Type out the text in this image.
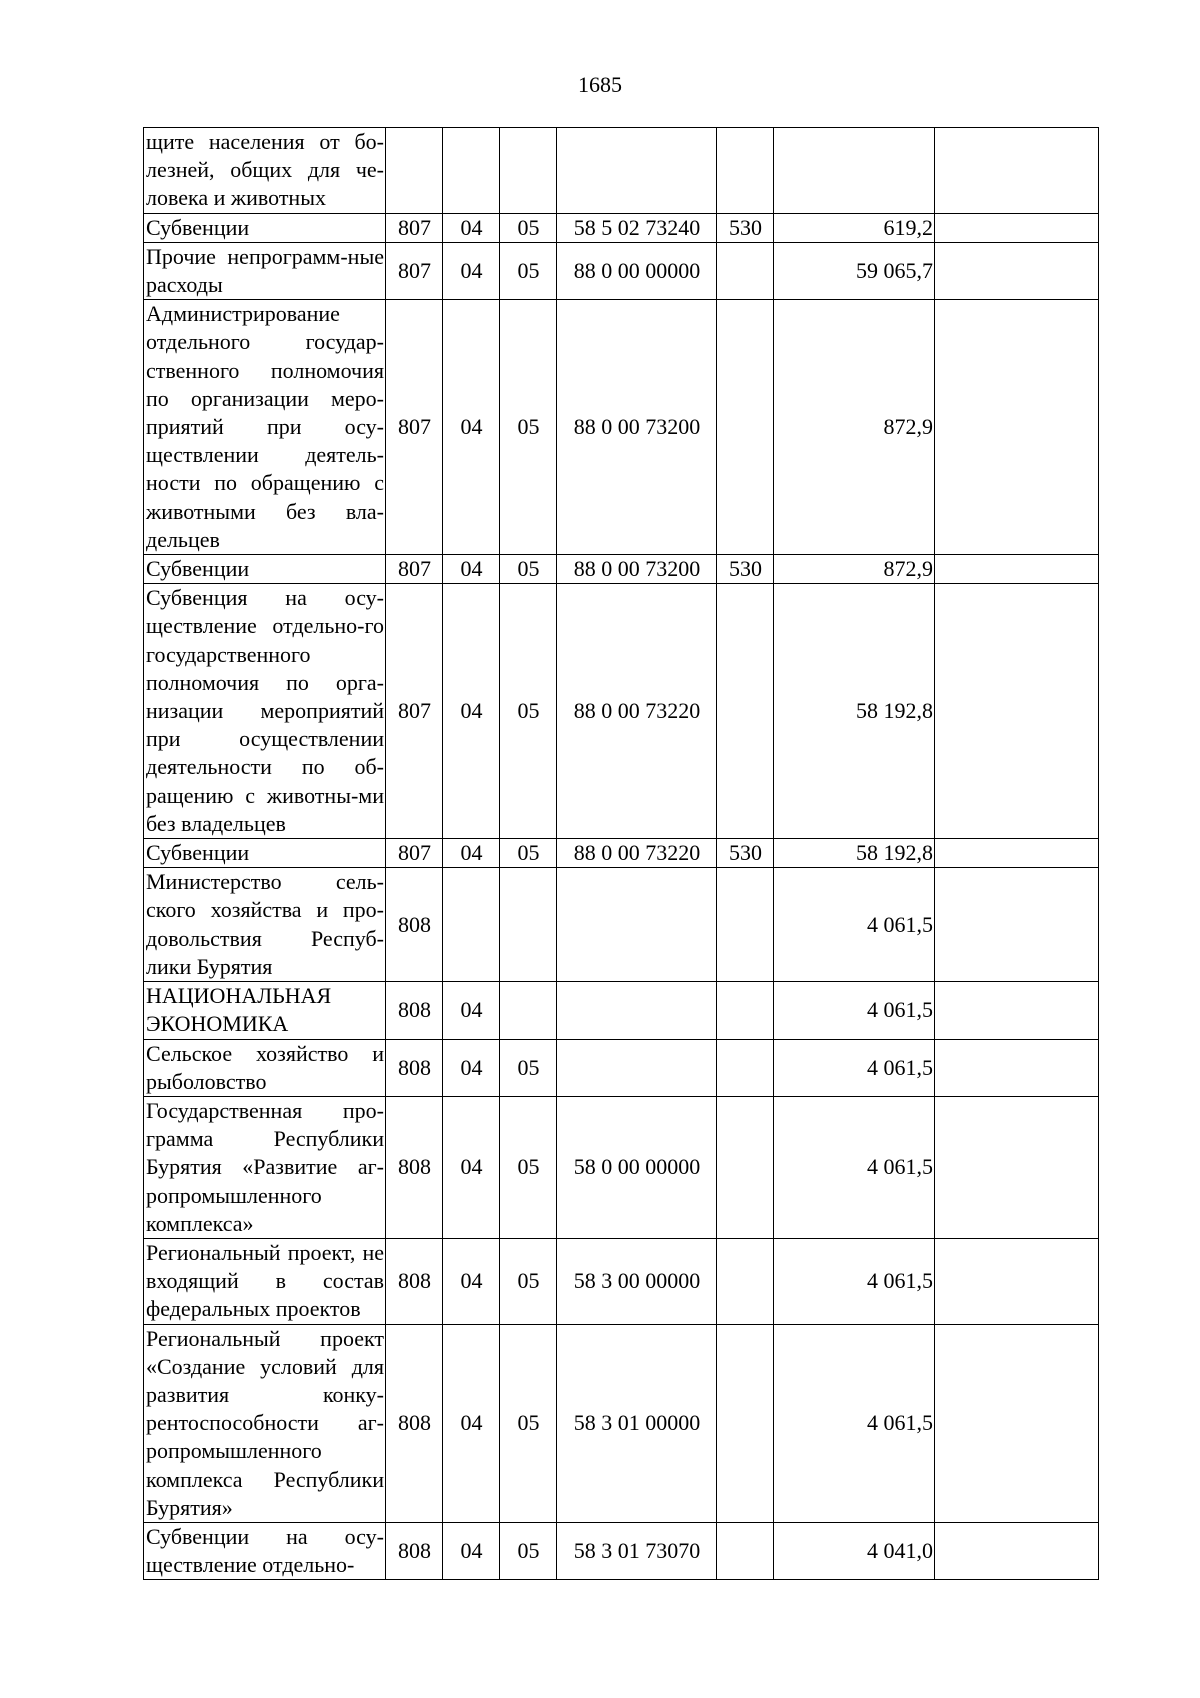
1685
щите населения от бо-лезней, общих для че-ловека и животных							
Субвенции	807	04	05	58 5 02 73240	530	619,2	
Прочие непрограмм-ные расходы	807	04	05	88 0 00 00000		59 065,7	
Администрирование отдельного государ-ственного полномочия по организации меро-приятий при осу-ществлении деятель-ности по обращению с животными без вла-дельцев	807	04	05	88 0 00 73200		872,9	
Субвенции	807	04	05	88 0 00 73200	530	872,9	
Субвенция на осу-ществление отдельно-го государственного полномочия по орга-низации мероприятий при осуществлении деятельности по об-ращению с животны-ми без владельцев	807	04	05	88 0 00 73220		58 192,8	
Субвенции	807	04	05	88 0 00 73220	530	58 192,8	
Министерство сель-ского хозяйства и про-довольствия Респуб-лики Бурятия	808					4 061,5	
НАЦИОНАЛЬНАЯ ЭКОНОМИКА	808	04				4 061,5	
Сельское хозяйство и рыболовство	808	04	05			4 061,5	
Государственная про-грамма Республики Бурятия «Развитие аг-ропромышленного комплекса»	808	04	05	58 0 00 00000		4 061,5	
Региональный проект, не входящий в состав федеральных проектов	808	04	05	58 3 00 00000		4 061,5	
Региональный проект «Создание условий для развития конку-рентоспособности аг-ропромышленного комплекса Республики Бурятия»	808	04	05	58 3 01 00000		4 061,5	
Субвенции на осу-ществление отдельно-	808	04	05	58 3 01 73070		4 041,0	
